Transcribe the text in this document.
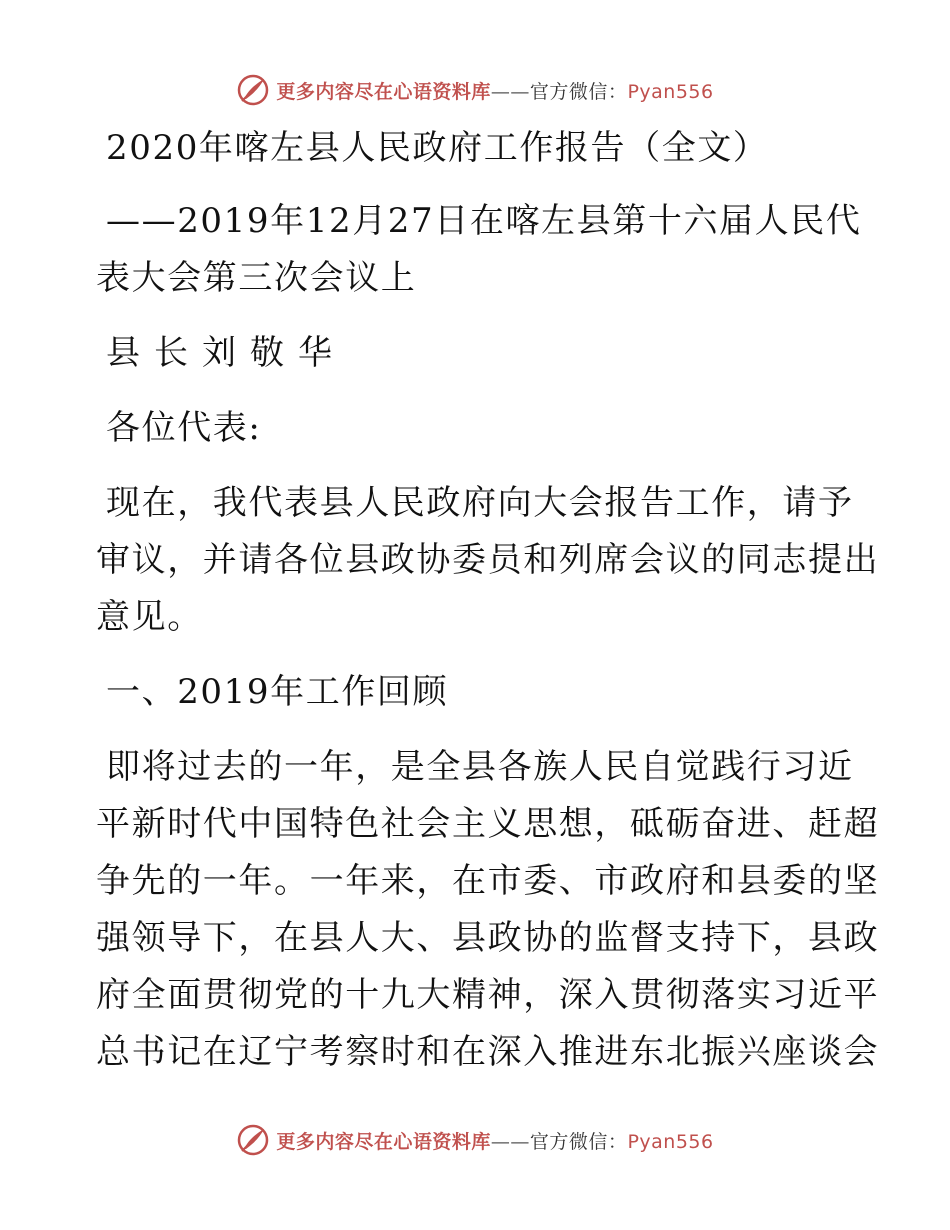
更多内容尽在心语资料库——官方微信：Pyan556
2020年喀左县人民政府工作报告（全文）
——2019年12月27日在喀左县第十六届人民代
表大会第三次会议上
县 长 刘 敬 华
各位代表:
现在，我代表县人民政府向大会报告工作，请予
审议，并请各位县政协委员和列席会议的同志提出
意见。
一、2019年工作回顾
即将过去的一年，是全县各族人民自觉践行习近
平新时代中国特色社会主义思想，砥砺奋进、赶超
争先的一年。一年来，在市委、市政府和县委的坚
强领导下，在县人大、县政协的监督支持下，县政
府全面贯彻党的十九大精神，深入贯彻落实习近平
总书记在辽宁考察时和在深入推进东北振兴座谈会
更多内容尽在心语资料库——官方微信：Pyan556
